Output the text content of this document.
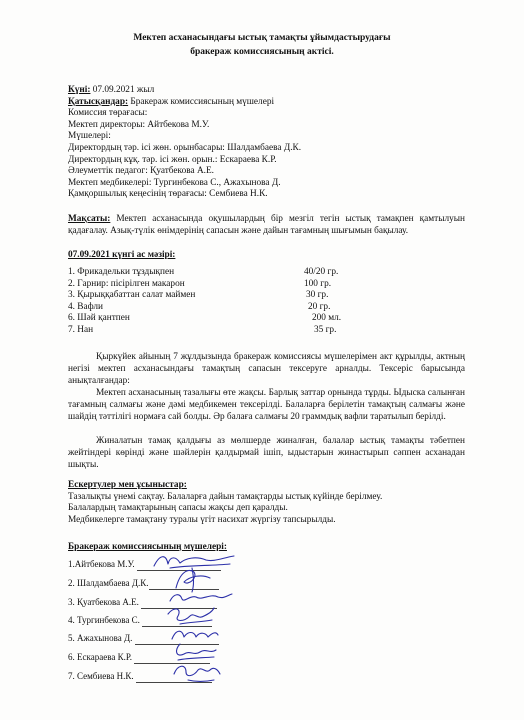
Мектеп асханасындағы ыстық тамақты ұйымдастырудағы
бракераж комиссиясының актісі.
Күні: 07.09.2021 жыл
Қатысқандар: Бракераж комиссиясының мүшелері
Комиссия төрағасы:
Мектеп директоры: Айтбекова М.У.
Мүшелері:
Директордың тәр. ісі жөн. орынбасары: Шалдамбаева Д.К.
Директордың кұқ. тәр. ісі жөн. орын.: Ескараева К.Р.
Әлеуметтік педагог: Қуатбекова А.Е.
Мектеп медбикелері: Тургинбекова С., Ажахынова Д.
Қамқоршылық кеңесінің төрағасы: Сембиева Н.К.
Мақсаты: Мектеп асханасында оқушылардың бір мезгіл тегін ыстық тамақпен қамтылуын қадағалау. Азық-түлік өнімдерінің сапасын және дайын тағамның шығымын бақылау.
07.09.2021 күнгі ас мәзірі:
1. Фрикадельки тұздықпен	40/20 гр.
2. Гарнир: пісірілген макарон	100 гр.
3. Қырыққабаттан салат маймен	30 гр.
4. Вафли	20 гр.
6. Шәй қантпен	200 мл.
7. Нан	35 гр.
Қыркүйек айының 7 жұлдызында бракераж комиссиясы мүшелерімен акт құрылды, актның негізі мектеп асханасындағы тамақтың сапасын тексеруге арналды. Тексеріс барысында анықталғандар:
Мектеп асханасының тазалығы өте жақсы. Барлық заттар орнында тұрды. Ыдыска салынған тағамның салмағы және дәмі медбикемен тексерілді. Балаларға берілетін тамақтың салмағы және шайдің тәттілігі нормаға сай болды. Әр балаға салмағы 20 граммдық вафли таратылып берілді.
Жиналатын тамақ қалдығы аз мөлшерде жиналған, балалар ыстық тамақты тәбетпен жейтіндері көрінді және шәйлерін қалдырмай ішіп, ыдыстарын жинастырып сәппен асханадан шықты.
Ескертулер мен ұсыныстар:
Тазалықты үнемі сақтау. Балаларға дайын тамақтарды ыстық күйінде берілмеу.
Балалардың тамақтарының сапасы жақсы деп қаралды.
Медбикелерге тамақтану туралы үгіт насихат жүргізу тапсырылды.
Бракераж комиссиясының мүшелері:
1.Айтбекова М.У.
2. Шалдамбаева Д.К.
3. Қуатбекова А.Е.
4. Тургинбекова С.
5. Ажахынова Д.
6. Ескараева К.Р.
7. Сембиева Н.К.
